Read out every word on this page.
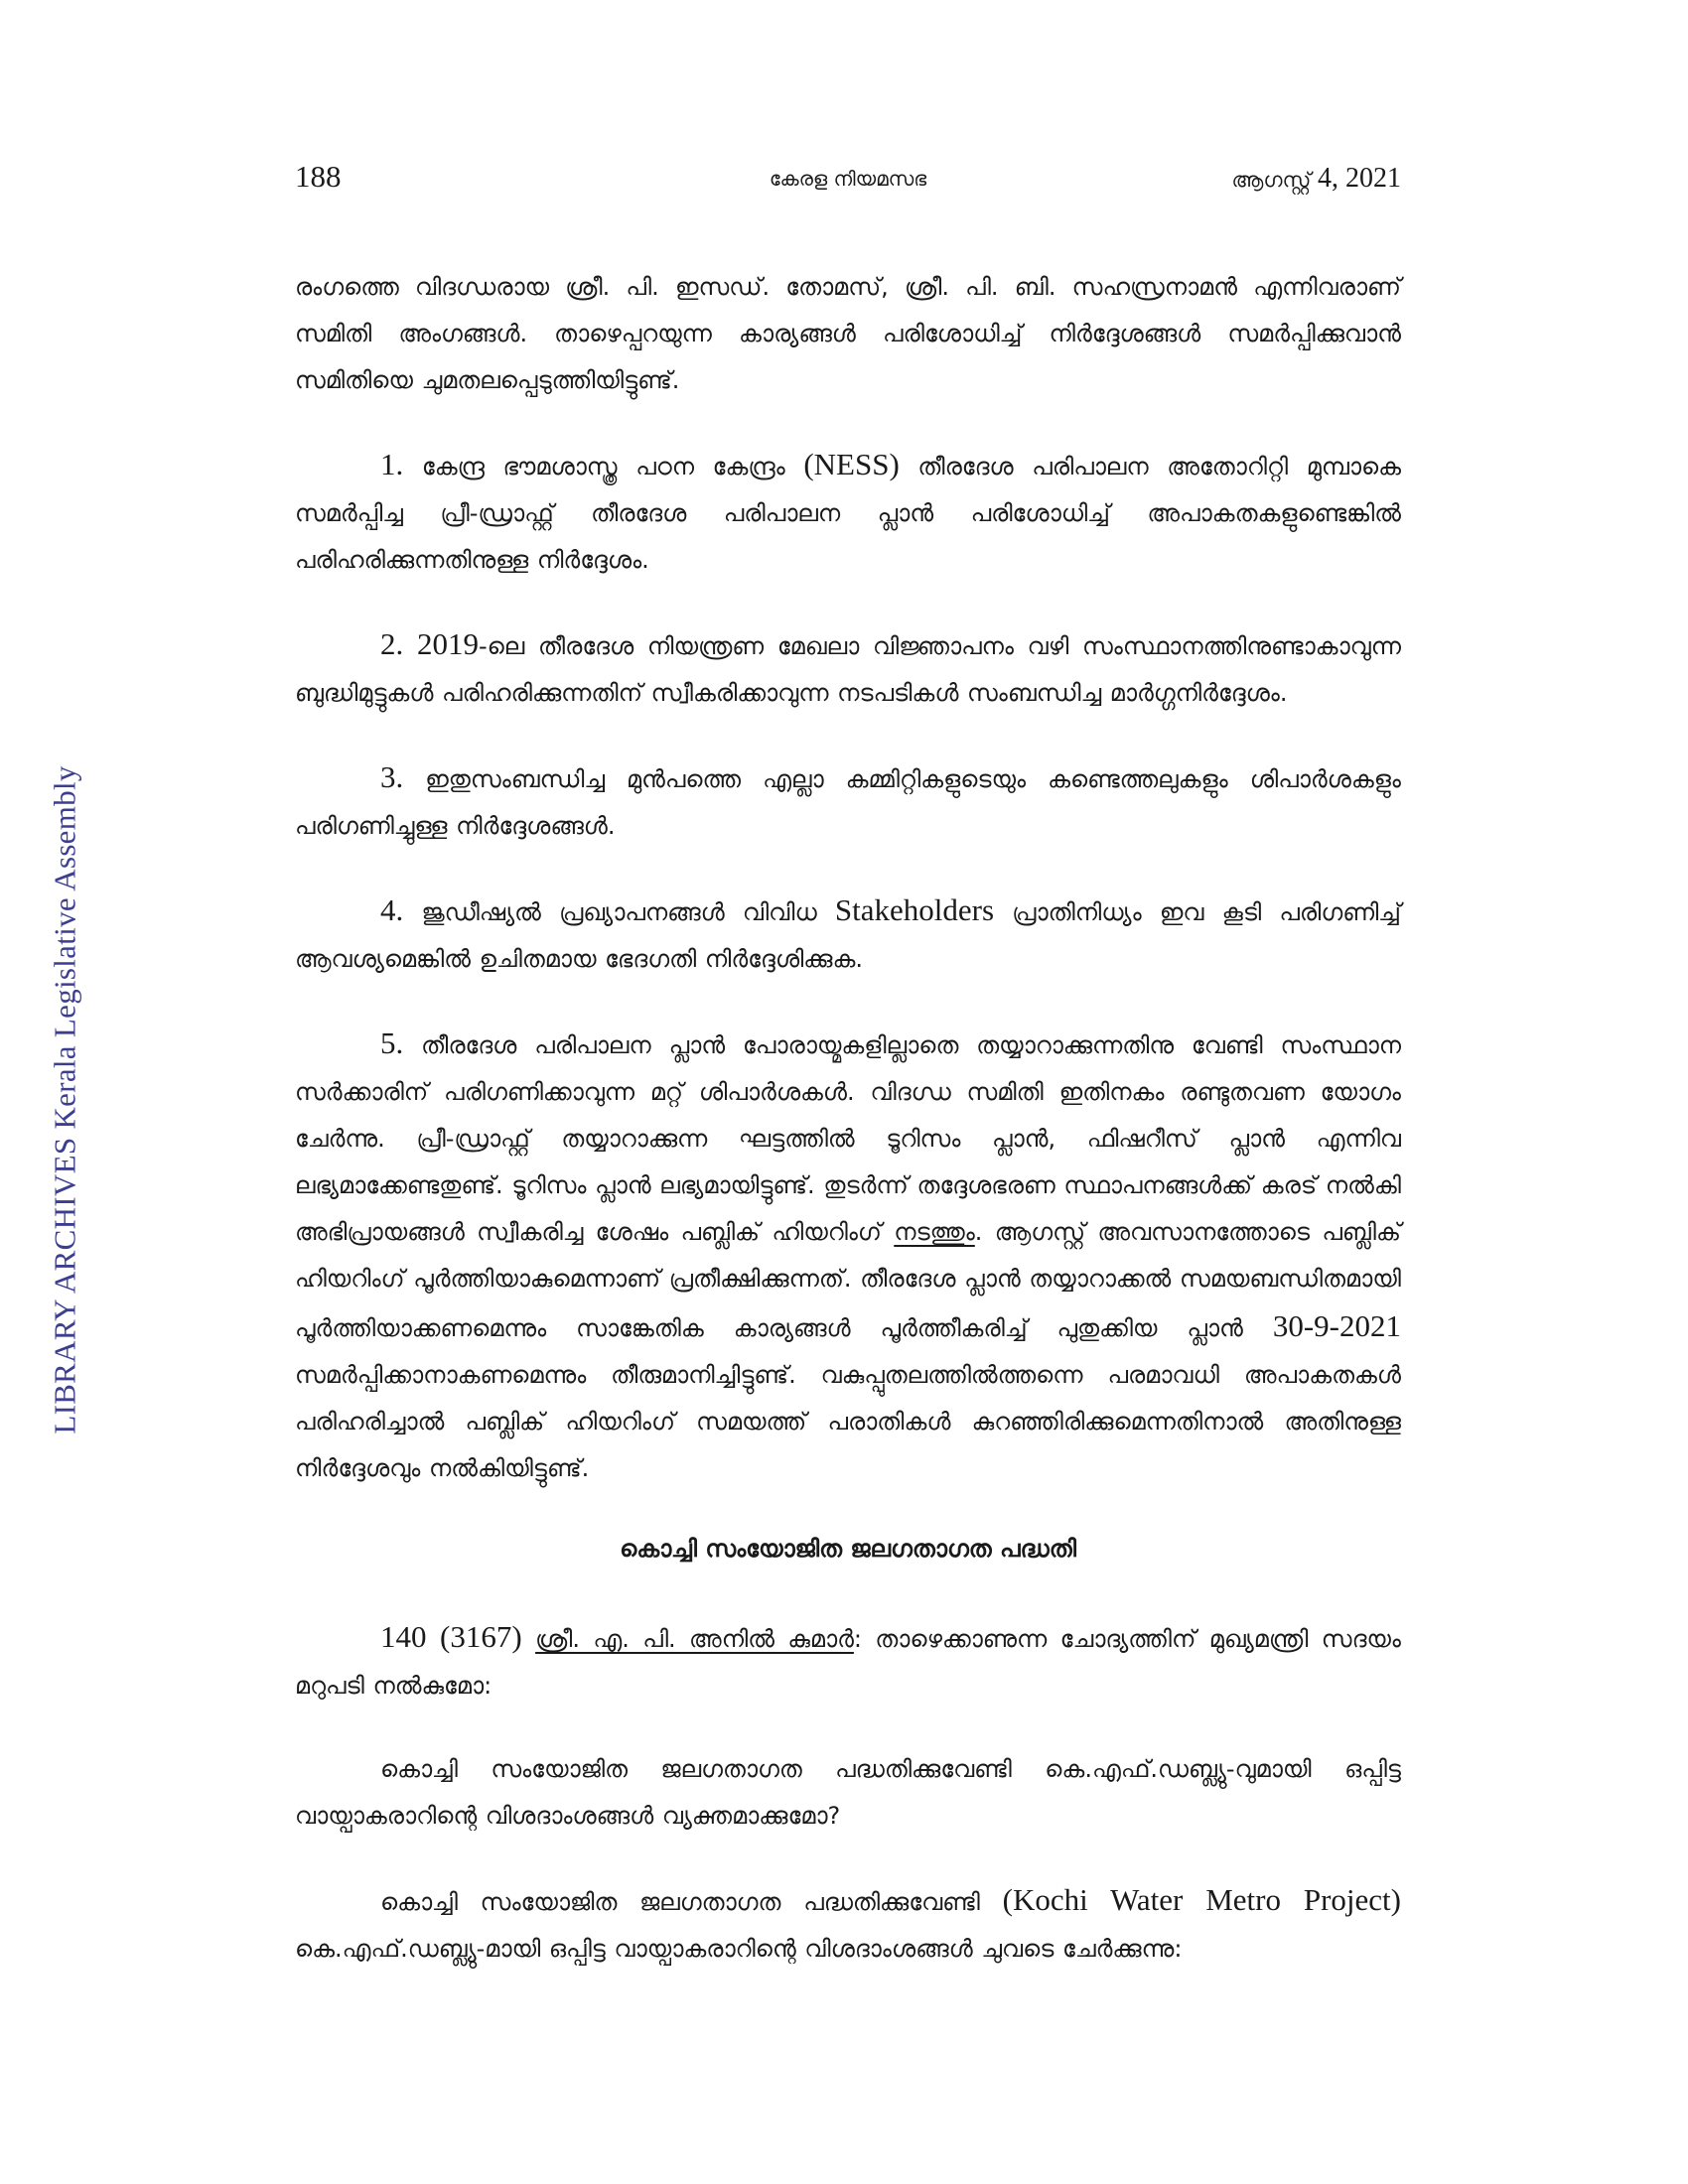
LIBRARY ARCHIVES Kerala Legislative Assembly
188	കേരള നിയമസഭ	ആഗസ്റ്റ് 4, 2021

രംഗത്തെ വിദഗ്ധരായ ശ്രീ. പി. ഇസഡ്. തോമസ്, ശ്രീ. പി. ബി. സഹസ്രനാമൻ എന്നിവരാണ് സമിതി അംഗങ്ങൾ. താഴെപ്പറയുന്ന കാര്യങ്ങൾ പരിശോധിച്ച് നിർദ്ദേശങ്ങൾ സമർപ്പിക്കുവാൻ സമിതിയെ ചുമതലപ്പെടുത്തിയിട്ടുണ്ട്.

1. കേന്ദ്ര ഭൗമശാസ്ത്ര പഠന കേന്ദ്രം (NESS) തീരദേശ പരിപാലന അതോറിറ്റി മുമ്പാകെ സമർപ്പിച്ച പ്രീ-ഡ്രാഫ്റ്റ് തീരദേശ പരിപാലന പ്ലാൻ പരിശോധിച്ച് അപാകതകളുണ്ടെങ്കിൽ പരിഹരിക്കുന്നതിനുള്ള നിർദ്ദേശം.

2. 2019-ലെ തീരദേശ നിയന്ത്രണ മേഖലാ വിജ്ഞാപനം വഴി സംസ്ഥാനത്തിനുണ്ടാകാവുന്ന ബുദ്ധിമുട്ടുകൾ പരിഹരിക്കുന്നതിന് സ്വീകരിക്കാവുന്ന നടപടികൾ സംബന്ധിച്ച മാർഗ്ഗനിർദ്ദേശം.

3. ഇതുസംബന്ധിച്ച മുൻപത്തെ എല്ലാ കമ്മിറ്റികളുടെയും കണ്ടെത്തലുകളും ശിപാർശകളും പരിഗണിച്ചുള്ള നിർദ്ദേശങ്ങൾ.

4. ജുഡീഷ്യൽ പ്രഖ്യാപനങ്ങൾ വിവിധ Stakeholders പ്രാതിനിധ്യം ഇവ കൂടി പരിഗണിച്ച് ആവശ്യമെങ്കിൽ ഉചിതമായ ഭേദഗതി നിർദ്ദേശിക്കുക.

5. തീരദേശ പരിപാലന പ്ലാൻ പോരായ്മകളില്ലാതെ തയ്യാറാക്കുന്നതിനു വേണ്ടി സംസ്ഥാന സർക്കാരിന് പരിഗണിക്കാവുന്ന മറ്റ് ശിപാർശകൾ. വിദഗ്ധ സമിതി ഇതിനകം രണ്ടുതവണ യോഗം ചേർന്നു. പ്രീ-ഡ്രാഫ്റ്റ് തയ്യാറാക്കുന്ന ഘട്ടത്തിൽ ടൂറിസം പ്ലാൻ, ഫിഷറീസ് പ്ലാൻ എന്നിവ ലഭ്യമാക്കേണ്ടതുണ്ട്. ടൂറിസം പ്ലാൻ ലഭ്യമായിട്ടുണ്ട്. തുടർന്ന് തദ്ദേശഭരണ സ്ഥാപനങ്ങൾക്ക് കരട് നൽകി അഭിപ്രായങ്ങൾ സ്വീകരിച്ച ശേഷം പബ്ലിക് ഹിയറിംഗ് നടത്തും. ആഗസ്റ്റ് അവസാനത്തോടെ പബ്ലിക് ഹിയറിംഗ് പൂർത്തിയാകുമെന്നാണ് പ്രതീക്ഷിക്കുന്നത്. തീരദേശ പ്ലാൻ തയ്യാറാക്കൽ സമയബന്ധിതമായി പൂർത്തിയാക്കണമെന്നും സാങ്കേതിക കാര്യങ്ങൾ പൂർത്തീകരിച്ച് പുതുക്കിയ പ്ലാൻ 30-9-2021 സമർപ്പിക്കാനാകണമെന്നും തീരുമാനിച്ചിട്ടുണ്ട്. വകുപ്പുതലത്തിൽത്തന്നെ പരമാവധി അപാകതകൾ പരിഹരിച്ചാൽ പബ്ലിക് ഹിയറിംഗ് സമയത്ത് പരാതികൾ കുറഞ്ഞിരിക്കുമെന്നതിനാൽ അതിനുള്ള നിർദ്ദേശവും നൽകിയിട്ടുണ്ട്.

കൊച്ചി സംയോജിത ജലഗതാഗത പദ്ധതി

140 (3167) ശ്രീ. എ. പി. അനിൽ കുമാർ: താഴെക്കാണുന്ന ചോദ്യത്തിന് മുഖ്യമന്ത്രി സദയം മറുപടി നൽകുമോ:

കൊച്ചി സംയോജിത ജലഗതാഗത പദ്ധതിക്കുവേണ്ടി കെ.എഫ്.ഡബ്ല്യു-വുമായി ഒപ്പിട്ട വായ്പാകരാറിന്റെ വിശദാംശങ്ങൾ വ്യക്തമാക്കുമോ?

കൊച്ചി സംയോജിത ജലഗതാഗത പദ്ധതിക്കുവേണ്ടി (Kochi Water Metro Project) കെ.എഫ്.ഡബ്ല്യു-മായി ഒപ്പിട്ട വായ്പാകരാറിന്റെ വിശദാംശങ്ങൾ ചുവടെ ചേർക്കുന്നു:
